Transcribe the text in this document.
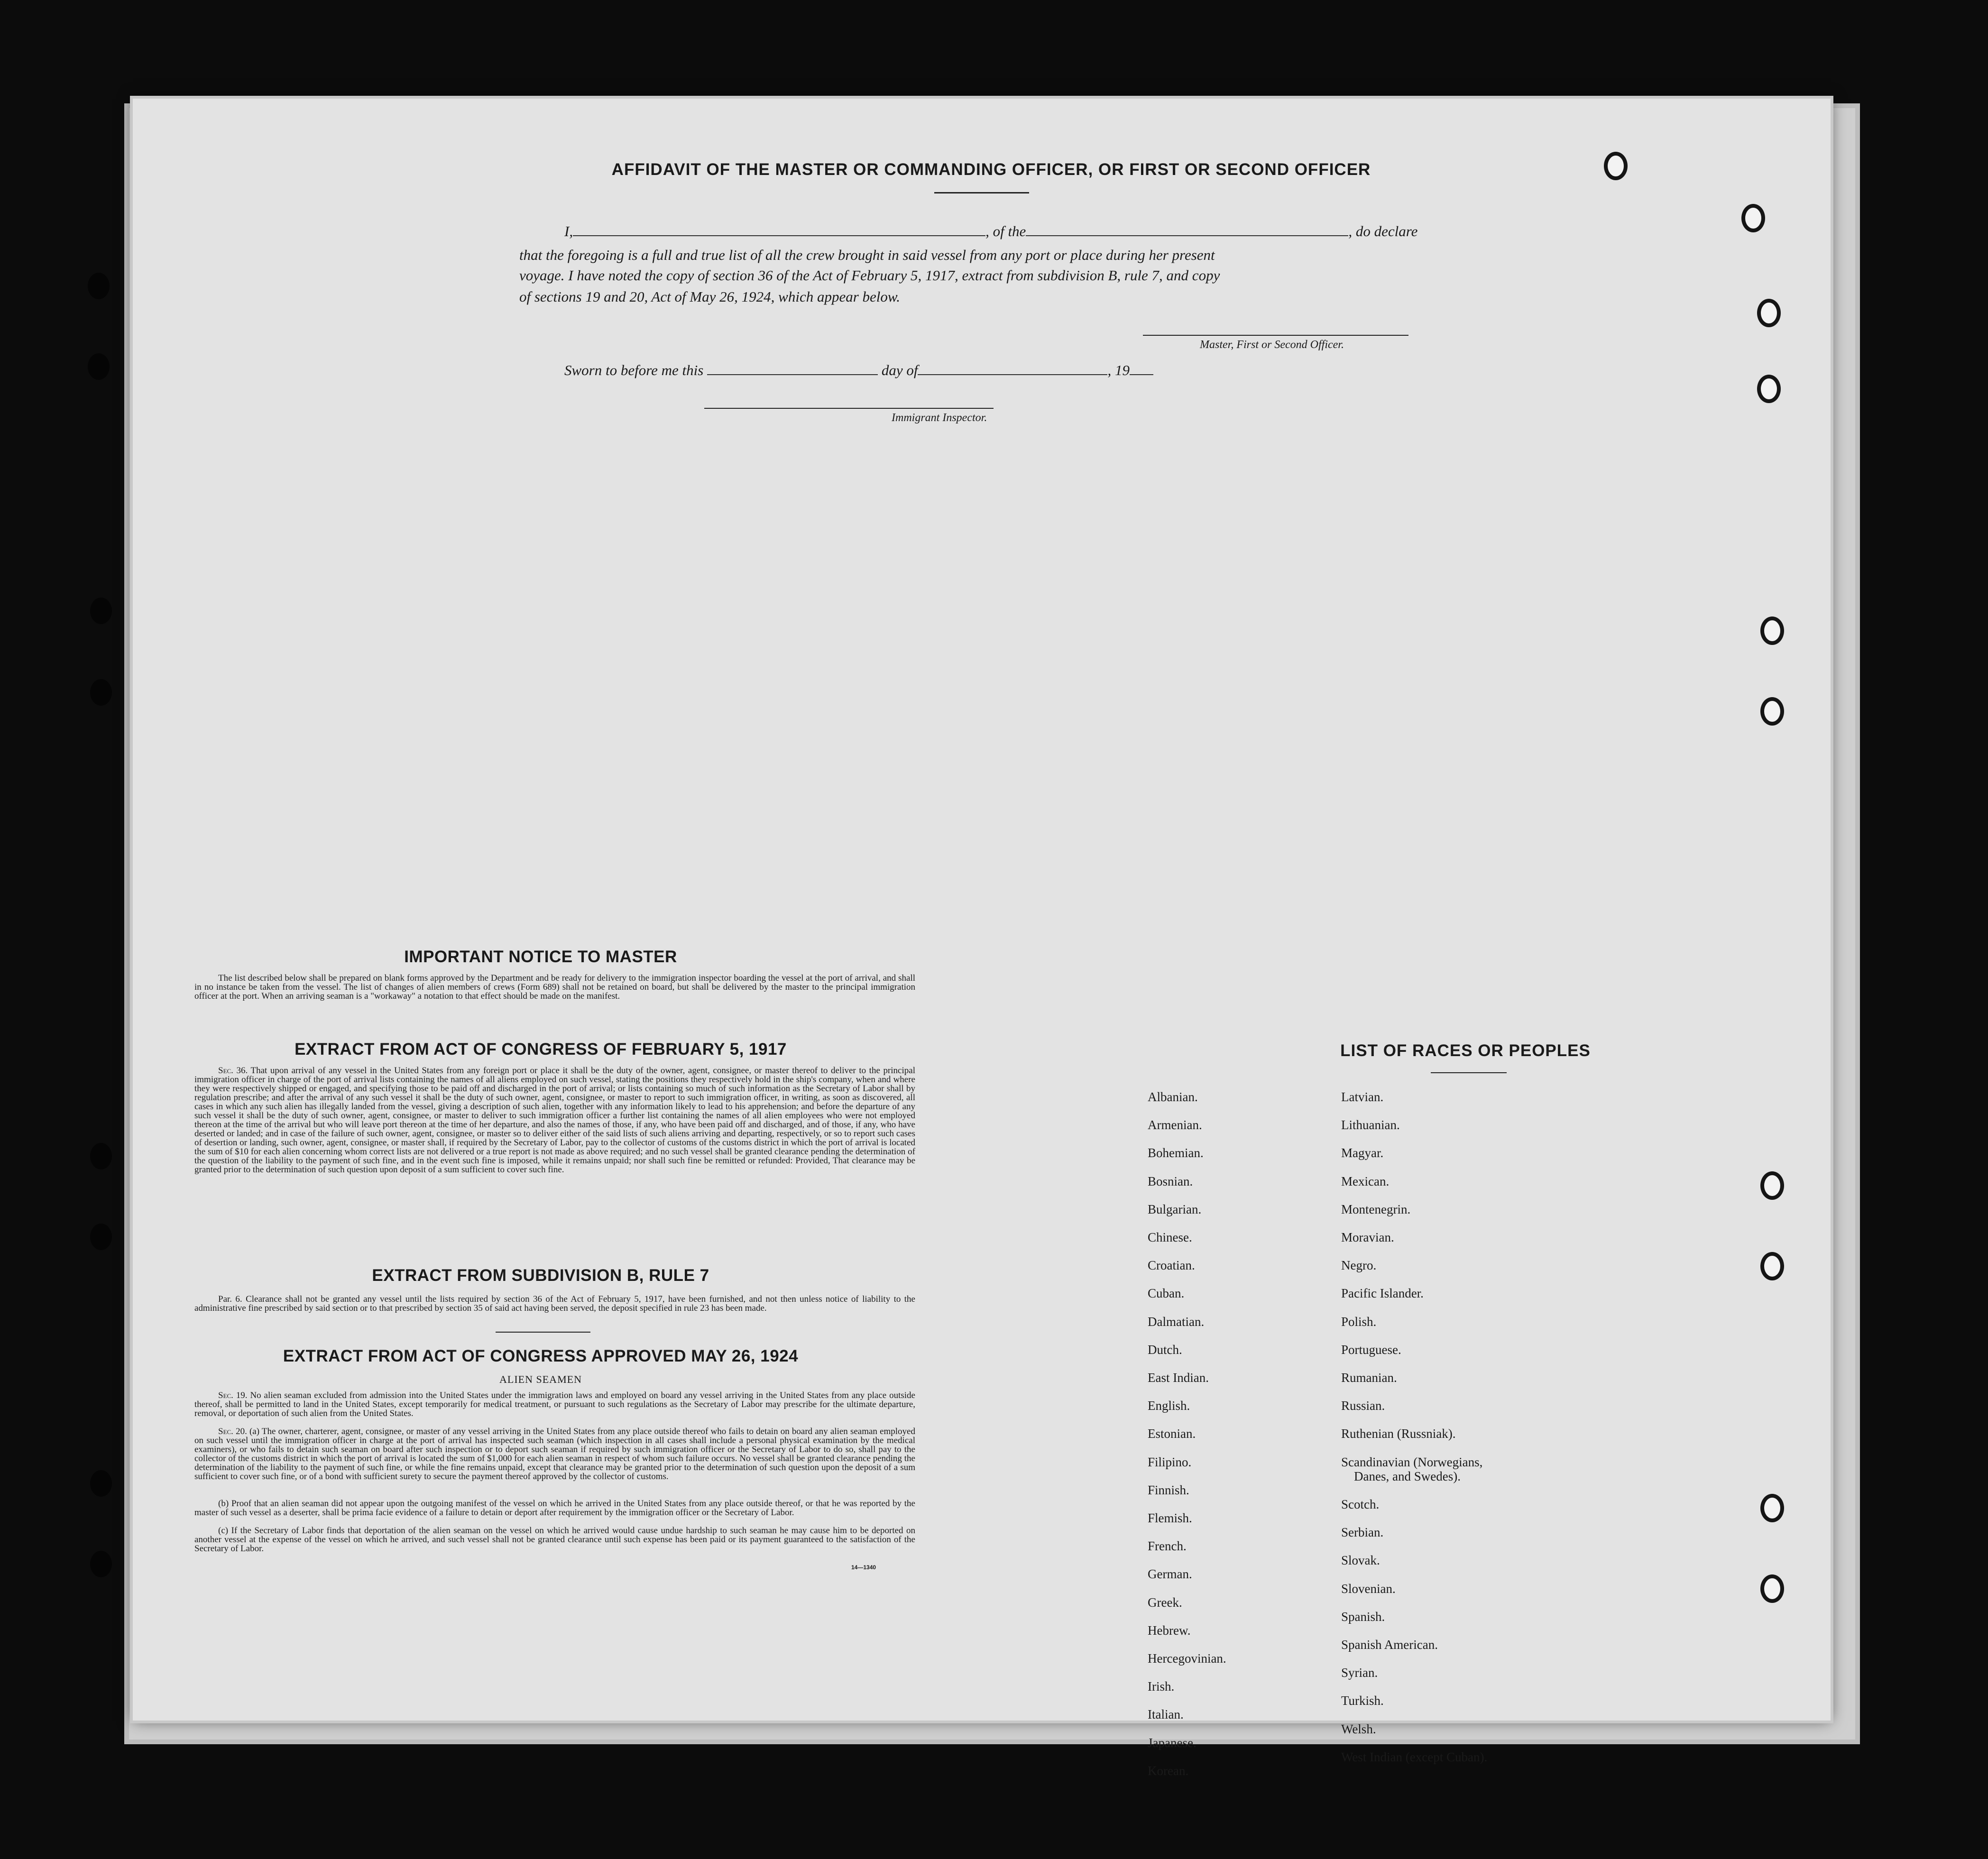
AFFIDAVIT OF THE MASTER OR COMMANDING OFFICER, OR FIRST OR SECOND OFFICER
I,	, of the	, do declare
that the foregoing is a full and true list of all the crew brought in said vessel from any port or place during her present
voyage. I have noted the copy of section 36 of the Act of February 5, 1917, extract from subdivision B, rule 7, and copy
of sections 19 and 20, Act of May 26, 1924, which appear below.
Master, First or Second Officer.
Sworn to before me this	day of	, 19
Immigrant Inspector.
IMPORTANT NOTICE TO MASTER
The list described below shall be prepared on blank forms approved by the Department and be ready for delivery to the immigration inspector boarding the vessel at the port of arrival, and shall in no instance be taken from the vessel. The list of changes of alien members of crews (Form 689) shall not be retained on board, but shall be delivered by the master to the principal immigration officer at the port. When an arriving seaman is a "workaway" a notation to that effect should be made on the manifest.
EXTRACT FROM ACT OF CONGRESS OF FEBRUARY 5, 1917
Sec. 36. That upon arrival of any vessel in the United States from any foreign port or place it shall be the duty of the owner, agent, consignee, or master thereof to deliver to the principal immigration officer in charge of the port of arrival lists containing the names of all aliens employed on such vessel, stating the positions they respectively hold in the ship's company, when and where they were respectively shipped or engaged, and specifying those to be paid off and discharged in the port of arrival; or lists containing so much of such information as the Secretary of Labor shall by regulation prescribe; and after the arrival of any such vessel it shall be the duty of such owner, agent, consignee, or master to report to such immigration officer, in writing, as soon as discovered, all cases in which any such alien has illegally landed from the vessel, giving a description of such alien, together with any information likely to lead to his apprehension; and before the departure of any such vessel it shall be the duty of such owner, agent, consignee, or master to deliver to such immigration officer a further list containing the names of all alien employees who were not employed thereon at the time of the arrival but who will leave port thereon at the time of her departure, and also the names of those, if any, who have been paid off and discharged, and of those, if any, who have deserted or landed; and in case of the failure of such owner, agent, consignee, or master so to deliver either of the said lists of such aliens arriving and departing, respectively, or so to report such cases of desertion or landing, such owner, agent, consignee, or master shall, if required by the Secretary of Labor, pay to the collector of customs of the customs district in which the port of arrival is located the sum of $10 for each alien concerning whom correct lists are not delivered or a true report is not made as above required; and no such vessel shall be granted clearance pending the determination of the question of the liability to the payment of such fine, and in the event such fine is imposed, while it remains unpaid; nor shall such fine be remitted or refunded: Provided, That clearance may be granted prior to the determination of such question upon deposit of a sum sufficient to cover such fine.
EXTRACT FROM SUBDIVISION B, RULE 7
Par. 6. Clearance shall not be granted any vessel until the lists required by section 36 of the Act of February 5, 1917, have been furnished, and not then unless notice of liability to the administrative fine prescribed by said section or to that prescribed by section 35 of said act having been served, the deposit specified in rule 23 has been made.
EXTRACT FROM ACT OF CONGRESS APPROVED MAY 26, 1924
ALIEN SEAMEN
Sec. 19. No alien seaman excluded from admission into the United States under the immigration laws and employed on board any vessel arriving in the United States from any place outside thereof, shall be permitted to land in the United States, except temporarily for medical treatment, or pursuant to such regulations as the Secretary of Labor may prescribe for the ultimate departure, removal, or deportation of such alien from the United States.
Sec. 20. (a) The owner, charterer, agent, consignee, or master of any vessel arriving in the United States from any place outside thereof who fails to detain on board any alien seaman employed on such vessel until the immigration officer in charge at the port of arrival has inspected such seaman (which inspection in all cases shall include a personal physical examination by the medical examiners), or who fails to detain such seaman on board after such inspection or to deport such seaman if required by such immigration officer or the Secretary of Labor to do so, shall pay to the collector of the customs district in which the port of arrival is located the sum of $1,000 for each alien seaman in respect of whom such failure occurs. No vessel shall be granted clearance pending the determination of the liability to the payment of such fine, or while the fine remains unpaid, except that clearance may be granted prior to the determination of such question upon the deposit of a sum sufficient to cover such fine, or of a bond with sufficient surety to secure the payment thereof approved by the collector of customs.
(b) Proof that an alien seaman did not appear upon the outgoing manifest of the vessel on which he arrived in the United States from any place outside thereof, or that he was reported by the master of such vessel as a deserter, shall be prima facie evidence of a failure to detain or deport after requirement by the immigration officer or the Secretary of Labor.
(c) If the Secretary of Labor finds that deportation of the alien seaman on the vessel on which he arrived would cause undue hardship to such seaman he may cause him to be deported on another vessel at the expense of the vessel on which he arrived, and such vessel shall not be granted clearance until such expense has been paid or its payment guaranteed to the satisfaction of the Secretary of Labor.
14—1340
LIST OF RACES OR PEOPLES
Albanian.
Armenian.
Bohemian.
Bosnian.
Bulgarian.
Chinese.
Croatian.
Cuban.
Dalmatian.
Dutch.
East Indian.
English.
Estonian.
Filipino.
Finnish.
Flemish.
French.
German.
Greek.
Hebrew.
Hercegovinian.
Irish.
Italian.
Japanese.
Korean.
Latvian.
Lithuanian.
Magyar.
Mexican.
Montenegrin.
Moravian.
Negro.
Pacific Islander.
Polish.
Portuguese.
Rumanian.
Russian.
Ruthenian (Russniak).
Scandinavian (Norwegians,
Danes, and Swedes).
Scotch.
Serbian.
Slovak.
Slovenian.
Spanish.
Spanish American.
Syrian.
Turkish.
Welsh.
West Indian (except Cuban).
